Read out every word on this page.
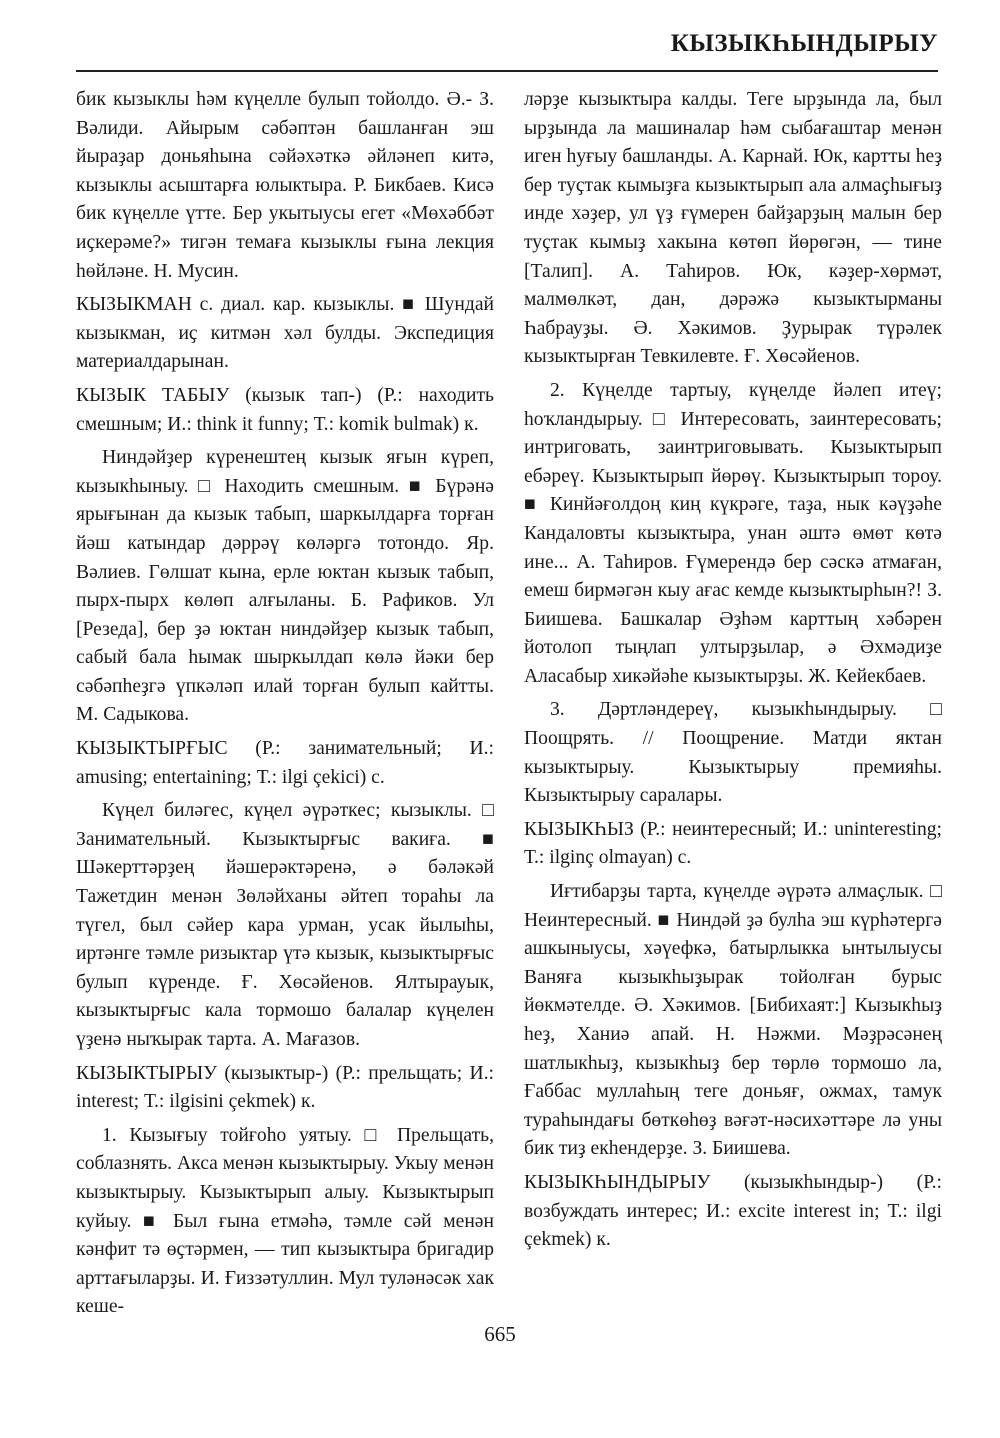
КЫЗЫКҺЫНДЫРЫУ

бик кызыклы һәм күңелле булып тойолдо. Ә.- З. Вәлиди. Айырым сәбәптән башланған эш йыраҙар доньяһына сәйәхәткә әйләнеп китә, кызыклы асыштарға юлыктыра. Р. Бикбаев. Кисә бик күңелле үтте. Бер укытыусы егет «Мөхәббәт иҫкерәме?» тигән темаға кызыклы ғына лекция һөйләне. Н. Мусин.

КЫЗЫКМАН с. диал. кар. кызыклы. ■ Шундай кызыкман, иҫ китмән хәл булды. Экспедиция материалдарынан.

КЫЗЫК ТАБЫУ (кызык тап-) (Р.: находить смешным; И.: think it funny; Т.: komik bulmak) к.

Ниндәйҙер күренештең кызык яғын күреп, кызыкһыныу. □ Находить смешным. ■ Бүрәнә ярығынан да кызык табып, шаркылдарға торған йәш катындар дәррәү көләргә тотондо. Яр. Вәлиев. Гөлшат кына, ерле юктан кызык табып, пырх-пырх көлөп алғыланы. Б. Рафиков. Ул [Резеда], бер ҙә юктан ниндәйҙер кызык табып, сабый бала һымак шыркылдап көлә йәки бер сәбәпһеҙгә үпкәләп илай торған булып кайтты. М. Садыкова.

КЫЗЫКТЫРҒЫС (Р.: занимательный; И.: amusing; entertaining; Т.: ilgi çekici) с.

Күңел биләгес, күңел әүрәткес; кызыклы. □ Занимательный. Кызыктырғыс вакиға. ■ Шәкерттәрҙең йәшерәктәренә, ә бәләкәй Тажетдин менән Зөләйханы әйтеп тораһы ла түгел, был сәйер кара урман, усак йылыһы, иртәнге тәмле ризыктар үтә кызык, кызыктырғыс булып күренде. Ғ. Хөсәйенов. Ялтырауык, кызыктырғыс кала тормошо балалар күңелен үҙенә ныҡырак тарта. А. Мағазов.

КЫЗЫКТЫРЫУ (кызыктыр-) (Р.: прельщать; И.: interest; Т.: ilgisini çekmek) к.

1. Кызығыу тойғоһо уятыу. □ Прельщать, соблазнять. Акса менән кызыктырыу. Укыу менән кызыктырыу. Кызыктырып алыу. Кызыктырып куйыу. ■ Был ғына етмәһә, тәмле сәй менән кәнфит тә өҫтәрмен, — тип кызыктыра бригадир арттағыларҙы. И. Ғиззәтуллин. Мул туләнәсәк хак кеше-

ләрҙе кызыктыра калды. Теге ырҙында ла, был ырҙында ла машиналар һәм сыбағаштар менән иген һуғыу башланды. А. Карнай. Юк, картты һеҙ бер туҫтак кымыҙға кызыктырып ала алмаҫһығыҙ инде хәҙер, ул үҙ ғүмерен байҙарҙың малын бер туҫтак кымыҙ хакына көтөп йөрөгән, — тине [Талип]. А. Таһиров. Юк, кәҙер-хөрмәт, малмөлкәт, дан, дәрәжә кызыктырманы Һабрауҙы. Ә. Хәкимов. Ҙурырак түрәлек кызыктырған Тевкилевте. Ғ. Хөсәйенов.

2. Күңелде тартыу, күңелде йәлеп итеү; һоҡландырыу. □ Интересовать, заинтересовать; интриговать, заинтриговывать. Кызыктырып ебәреү. Кызыктырып йөрөү. Кызыктырып тороу. ■ Кинйәғолдоң киң күкрәге, таҙа, нык кәүҙәһе Кандаловты кызыктыра, унан әштә өмөт көтә ине... А. Таһиров. Ғүмерендә бер сәскә атмаған, емеш бирмәгән кыу ағас кемде кызыктырһын?! З. Биишева. Башкалар Әҙһәм карттың хәбәрен йотолоп тыңлап ултырҙылар, ә Әхмәдиҙе Аласабыр хикәйәһе кызыктырҙы. Ж. Кейекбаев.

3. Дәртләндереү, кызыкһындырыу. □ Поощрять. // Поощрение. Матди яктан кызыктырыу. Кызыктырыу премияһы. Кызыктырыу саралары.

КЫЗЫКҺЫЗ (Р.: неинтересный; И.: uninteresting; Т.: ilginç olmayan) с.

Иғтибарҙы тарта, күңелде әүрәтә алмаҫлык. □ Неинтересный. ■ Ниндәй ҙә булһа эш күрһәтергә ашкыныусы, хәүефкә, батырлыкка ынтылыусы Ваняға кызыкһыҙырак тойолған бурыс йөкмәтелде. Ә. Хәкимов. [Бибихаят:] Кызыкһыҙ һеҙ, Ханиә апай. Н. Нәжми. Мәҙрәсәнең шатлыкһыҙ, кызыкһыҙ бер төрлө тормошо ла, Ғаббас муллаһың теге доньяғ, ожмах, тамук тураһындағы бөткөһөҙ вәғәт-нәсихәттәре лә уны бик тиҙ екһендерҙе. З. Биишева.

КЫЗЫКҺЫНДЫРЫУ (кызыкһындыр-) (Р.: возбуждать интерес; И.: excite interest in; Т.: ilgi çekmek) к.

665
